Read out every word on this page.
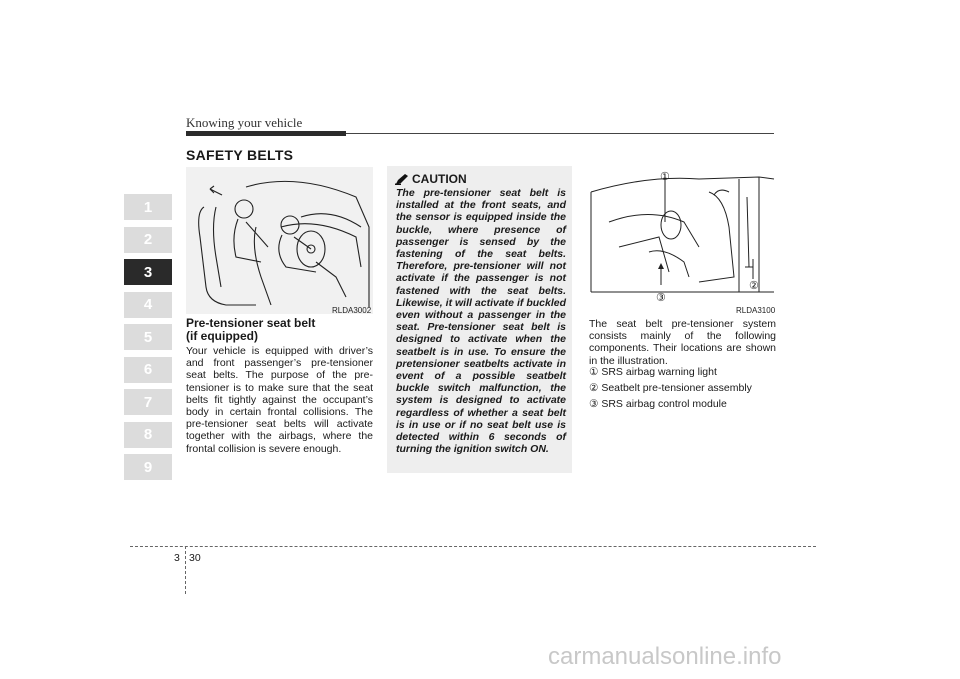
Knowing your vehicle
SAFETY BELTS
1
2
3
4
5
6
7
8
9
RLDA3002
Pre-tensioner seat belt
(if equipped)
Your vehicle is equipped with driver’s and front passenger’s pre-tensioner seat belts. The purpose of the pre-tensioner is to make sure that the seat belts fit tightly against the occupant’s body in certain frontal collisions. The pre-tensioner seat belts will activate together with the airbags, where the frontal collision is severe enough.
CAUTION
The pre-tensioner seat belt is installed at the front seats, and the sensor is equipped inside the buckle, where presence of passenger is sensed by the fastening of the seat belts. Therefore, pre-tensioner will not activate if the passenger is not fastened with the seat belts. Likewise, it will activate if buckled even without a passenger in the seat. Pre-tensioner seat belt is designed to activate when the seatbelt is in use. To ensure the pretensioner seatbelts activate in event of a possible seatbelt buckle switch malfunction, the system is designed to activate regardless of whether a seat belt is in use or if no seat belt use is detected within 6 seconds of turning the ignition switch ON.
①
②
③
RLDA3100
The seat belt pre-tensioner system consists mainly of the following components. Their locations are shown in the illustration.
① SRS airbag warning light
② Seatbelt pre-tensioner assembly
③ SRS airbag control module
3 30
carmanualsonline.info
